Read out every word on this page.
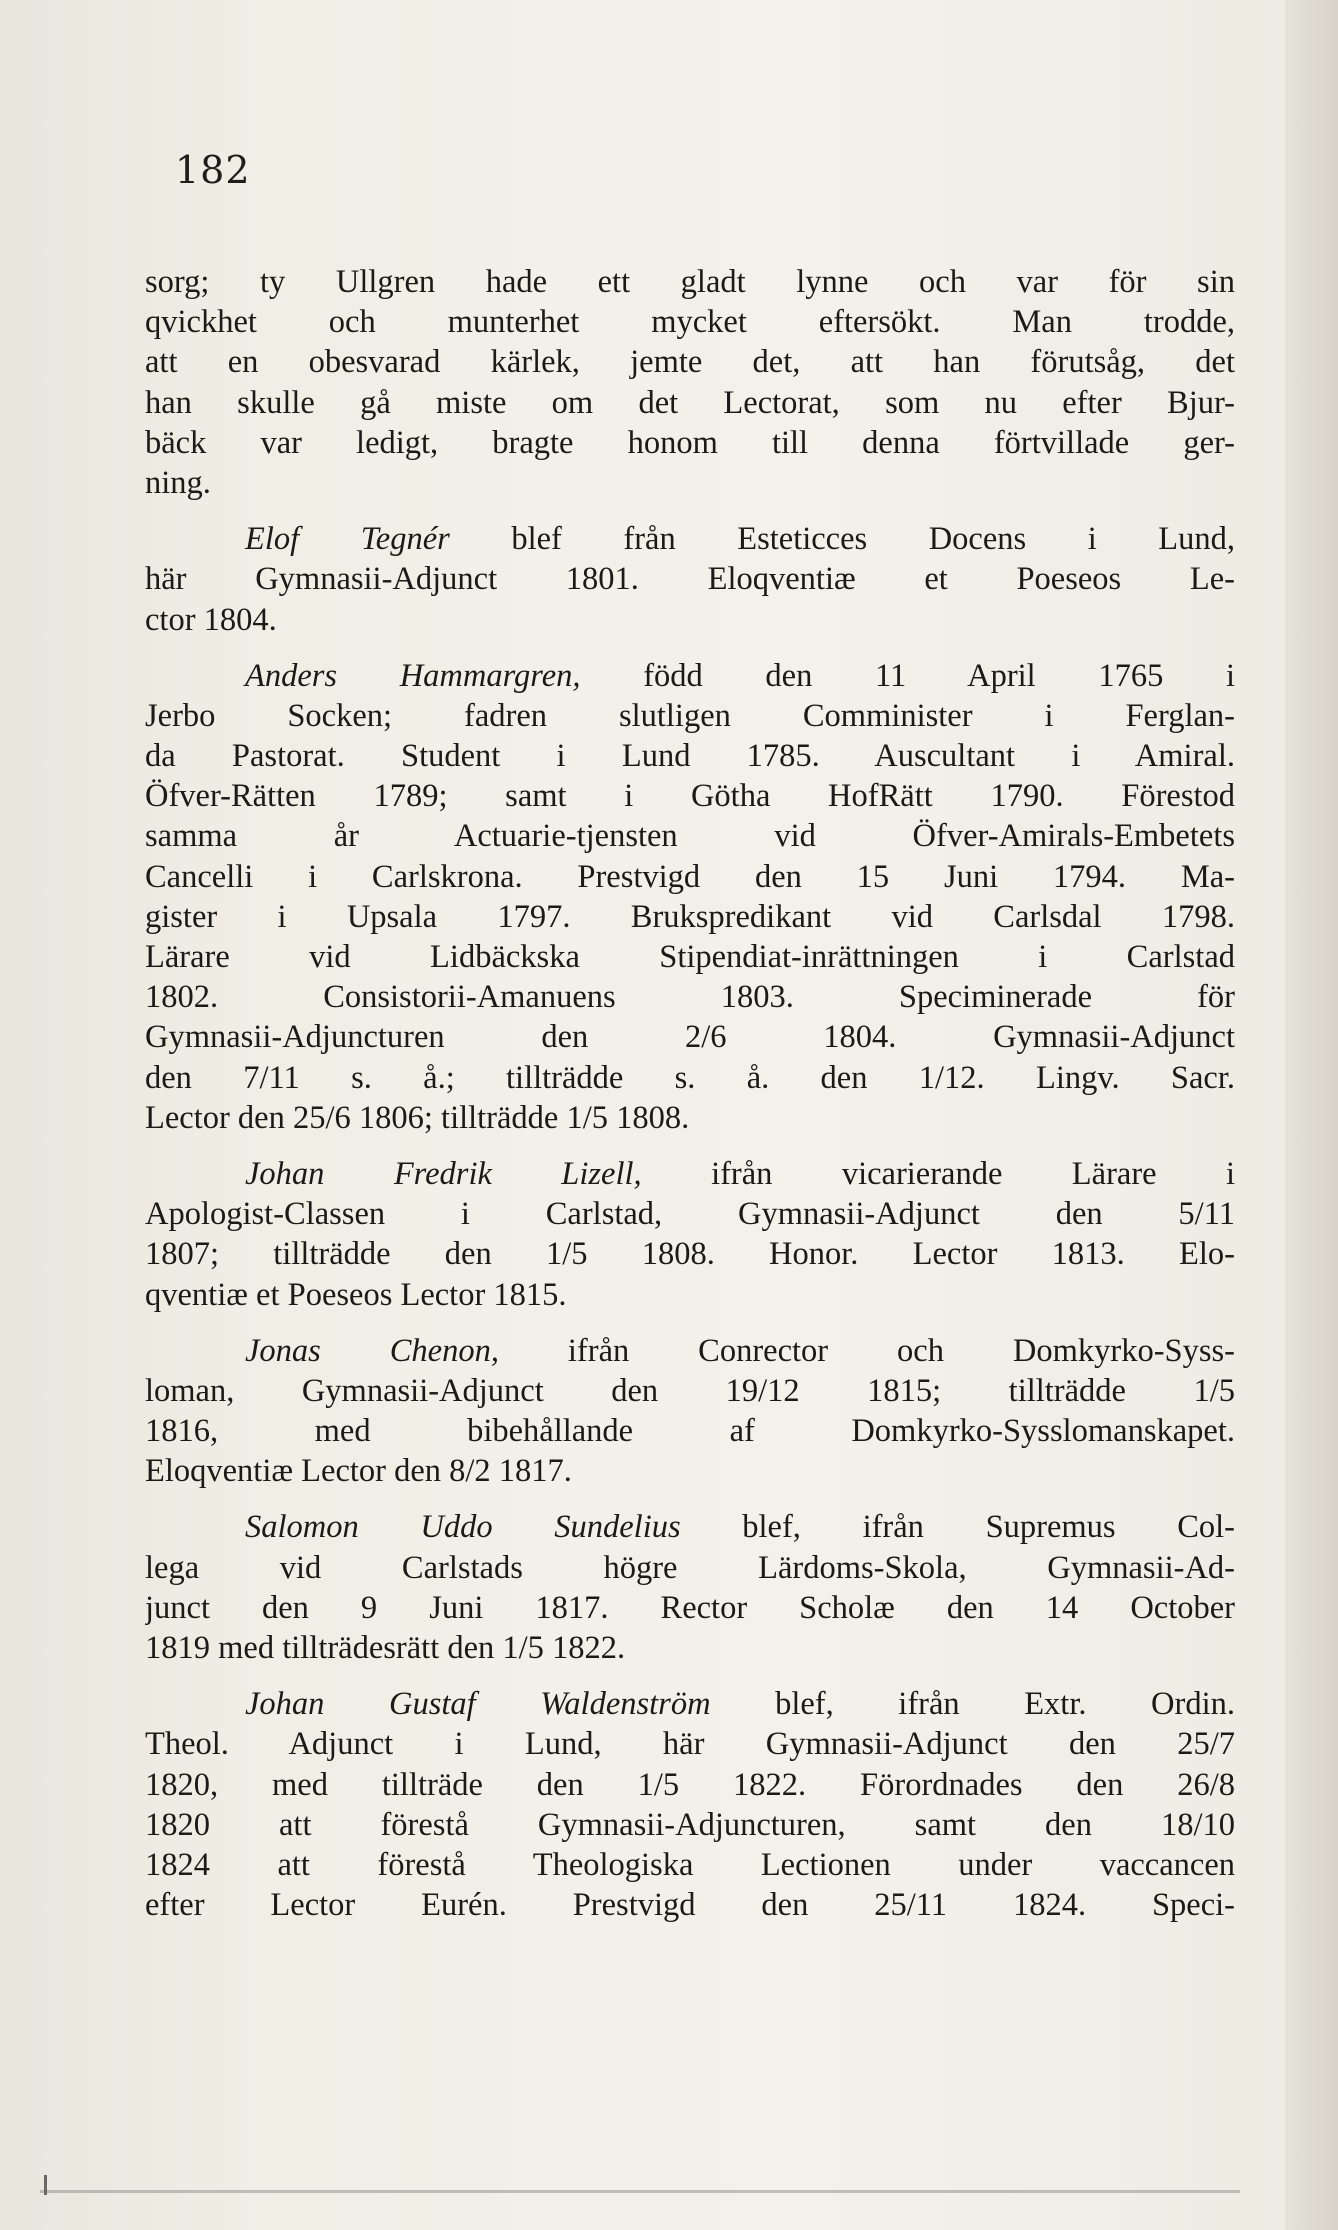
182
sorg; ty Ullgren hade ett gladt lynne och var för sin
qvickhet och munterhet mycket eftersökt. Man trodde,
att en obesvarad kärlek, jemte det, att han förutsåg, det
han skulle gå miste om det Lectorat, som nu efter Bjur-
bäck var ledigt, bragte honom till denna förtvillade ger-
ning.
Elof Tegnér blef från Esteticces Docens i Lund,
här Gymnasii-Adjunct 1801. Eloqventiæ et Poeseos Le-
ctor 1804.
Anders Hammargren, född den 11 April 1765 i
Jerbo Socken; fadren slutligen Comminister i Ferglan-
da Pastorat. Student i Lund 1785. Auscultant i Amiral.
Öfver-Rätten 1789; samt i Götha HofRätt 1790. Förestod
samma år Actuarie-tjensten vid Öfver-Amirals-Embetets
Cancelli i Carlskrona. Prestvigd den 15 Juni 1794. Ma-
gister i Upsala 1797. Brukspredikant vid Carlsdal 1798.
Lärare vid Lidbäckska Stipendiat-inrättningen i Carlstad
1802. Consistorii-Amanuens 1803. Specimineradе för
Gymnasii-Adjuncturen den 2/6 1804. Gymnasii-Adjunct
den 7/11 s. å.; tillträdde s. å. den 1/12. Lingv. Sacr.
Lector den 25/6 1806; tillträdde 1/5 1808.
Johan Fredrik Lizell, ifrån vicarierande Lärare i
Apologist-Classen i Carlstad, Gymnasii-Adjunct den 5/11
1807; tillträdde den 1/5 1808. Honor. Lector 1813. Elo-
qventiæ et Poeseos Lector 1815.
Jonas Chenon, ifrån Conrector och Domkyrko-Syss-
loman, Gymnasii-Adjunct den 19/12 1815; tillträdde 1/5
1816, med bibehållande af Domkyrko-Sysslomanskapet.
Eloqventiæ Lector den 8/2 1817.
Salomon Uddo Sundelius blef, ifrån Supremus Col-
lega vid Carlstads högre Lärdoms-Skola, Gymnasii-Ad-
junct den 9 Juni 1817. Rector Scholæ den 14 October
1819 med tillträdesrätt den 1/5 1822.
Johan Gustaf Waldenström blef, ifrån Extr. Ordin.
Theol. Adjunct i Lund, här Gymnasii-Adjunct den 25/7
1820, med tillträde den 1/5 1822. Förordnades den 26/8
1820 att förestå Gymnasii-Adjuncturen, samt den 18/10
1824 att förestå Theologiska Lectionen under vaccancen
efter Lector Eurén. Prestvigd den 25/11 1824. Speci-
